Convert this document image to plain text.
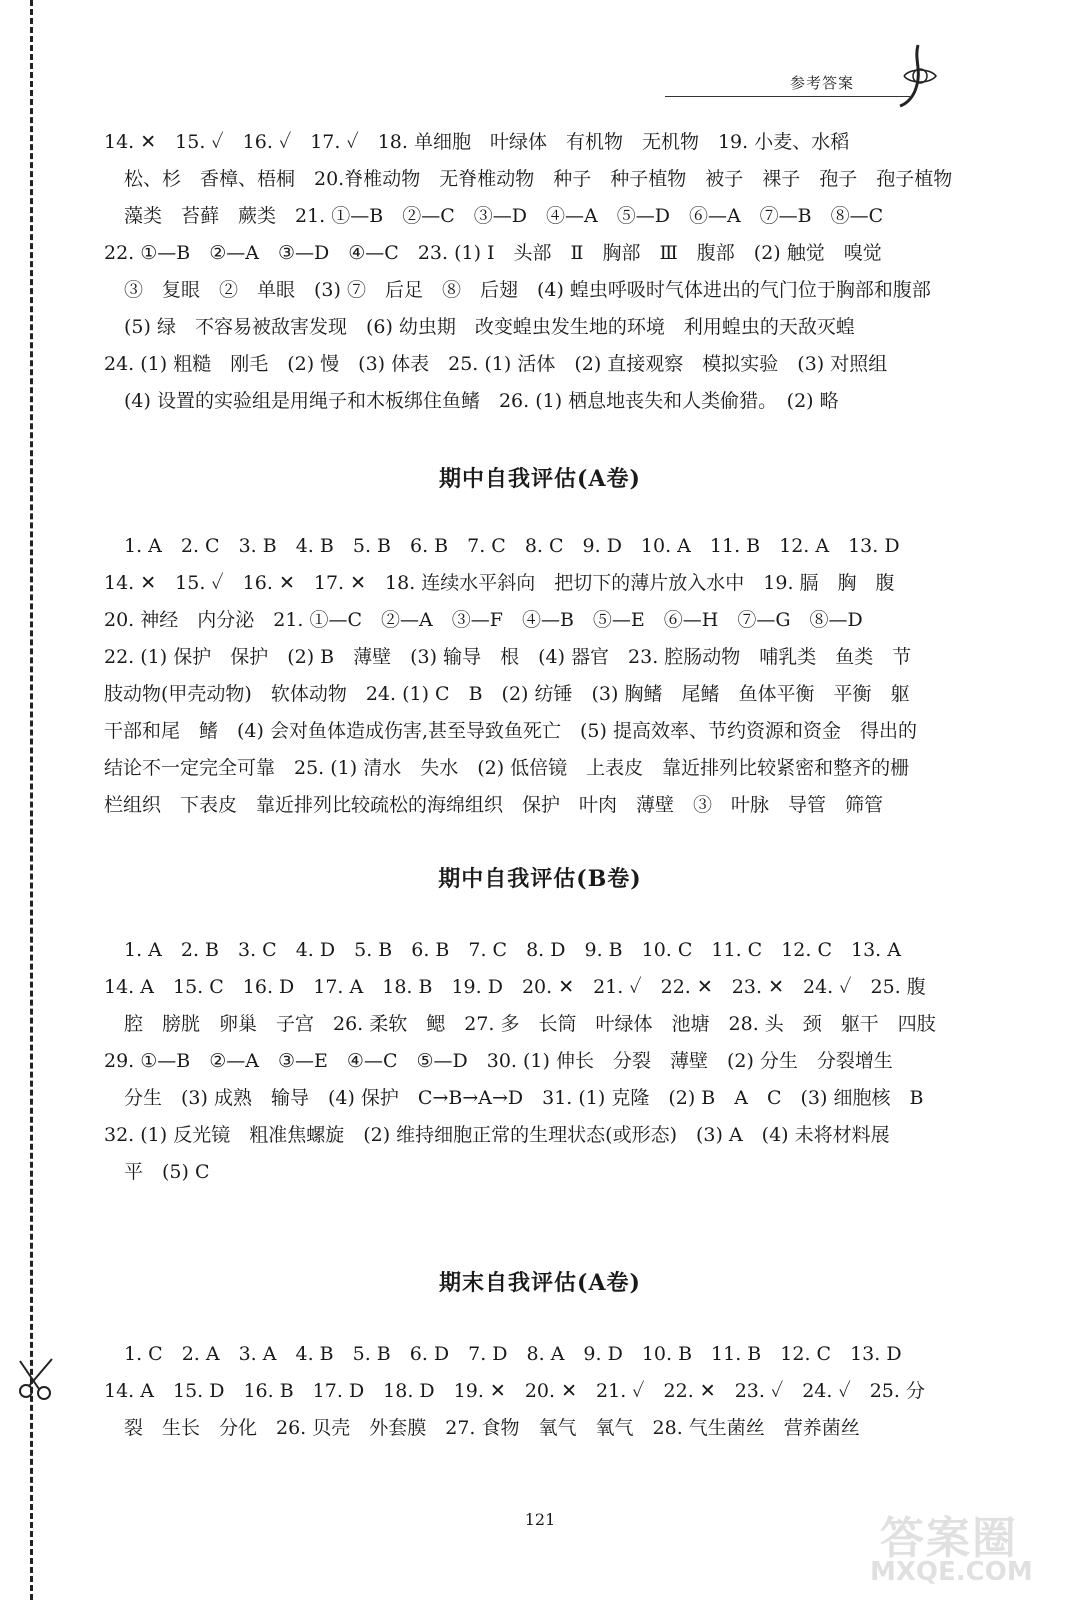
参考答案
14. ✕　15. ✓　16. ✓　17. ✓　18. 单细胞　叶绿体　有机物　无机物　19. 小麦、水稻
松、杉　香樟、梧桐　20.脊椎动物　无脊椎动物　种子　种子植物　被子　裸子　孢子　孢子植物
藻类　苔藓　蕨类　21. ①—B　②—C　③—D　④—A　⑤—D　⑥—A　⑦—B　⑧—C
22. ①—B　②—A　③—D　④—C　23. (1) Ⅰ　头部　Ⅱ　胸部　Ⅲ　腹部　(2) 触觉　嗅觉
③　复眼　②　单眼　(3) ⑦　后足　⑧　后翅　(4) 蝗虫呼吸时气体进出的气门位于胸部和腹部
(5) 绿　不容易被敌害发现　(6) 幼虫期　改变蝗虫发生地的环境　利用蝗虫的天敌灭蝗
24. (1) 粗糙　刚毛　(2) 慢　(3) 体表　25. (1) 活体　(2) 直接观察　模拟实验　(3) 对照组
(4) 设置的实验组是用绳子和木板绑住鱼鳍　26. (1) 栖息地丧失和人类偷猎。　(2) 略
期中自我评估(A卷)
1. A　2. C　3. B　4. B　5. B　6. B　7. C　8. C　9. D　10. A　11. B　12. A　13. D
14. ✕　15. ✓　16. ✕　17. ✕　18. 连续水平斜向　把切下的薄片放入水中　19. 膈　胸　腹
20. 神经　内分泌　21. ①—C　②—A　③—F　④—B　⑤—E　⑥—H　⑦—G　⑧—D
22. (1) 保护　保护　(2) B　薄壁　(3) 输导　根　(4) 器官　23. 腔肠动物　哺乳类　鱼类　节
肢动物(甲壳动物)　软体动物　24. (1) C　B　(2) 纺锤　(3) 胸鳍　尾鳍　鱼体平衡　平衡　躯
干部和尾　鳍　(4) 会对鱼体造成伤害,甚至导致鱼死亡　(5) 提高效率、节约资源和资金　得出的
结论不一定完全可靠　25. (1) 清水　失水　(2) 低倍镜　上表皮　靠近排列比较紧密和整齐的栅
栏组织　下表皮　靠近排列比较疏松的海绵组织　保护　叶肉　薄壁　③　叶脉　导管　筛管
期中自我评估(B卷)
1. A　2. B　3. C　4. D　5. B　6. B　7. C　8. D　9. B　10. C　11. C　12. C　13. A
14. A　15. C　16. D　17. A　18. B　19. D　20. ✕　21. ✓　22. ✕　23. ✕　24. ✓　25. 腹
腔　膀胱　卵巢　子宫　26. 柔软　鳃　27. 多　长筒　叶绿体　池塘　28. 头　颈　躯干　四肢
29. ①—B　②—A　③—E　④—C　⑤—D　30. (1) 伸长　分裂　薄壁　(2) 分生　分裂增生
分生　(3) 成熟　输导　(4) 保护　C→B→A→D　31. (1) 克隆　(2) B　A　C　(3) 细胞核　B
32. (1) 反光镜　粗准焦螺旋　(2) 维持细胞正常的生理状态(或形态)　(3) A　(4) 未将材料展
平　(5) C
期末自我评估(A卷)
1. C　2. A　3. A　4. B　5. B　6. D　7. D　8. A　9. D　10. B　11. B　12. C　13. D
14. A　15. D　16. B　17. D　18. D　19. ✕　20. ✕　21. ✓　22. ✕　23. ✓　24. ✓　25. 分
裂　生长　分化　26. 贝壳　外套膜　27. 食物　氧气　氧气　28. 气生菌丝　营养菌丝
121	答案圈
MXQE.COM
